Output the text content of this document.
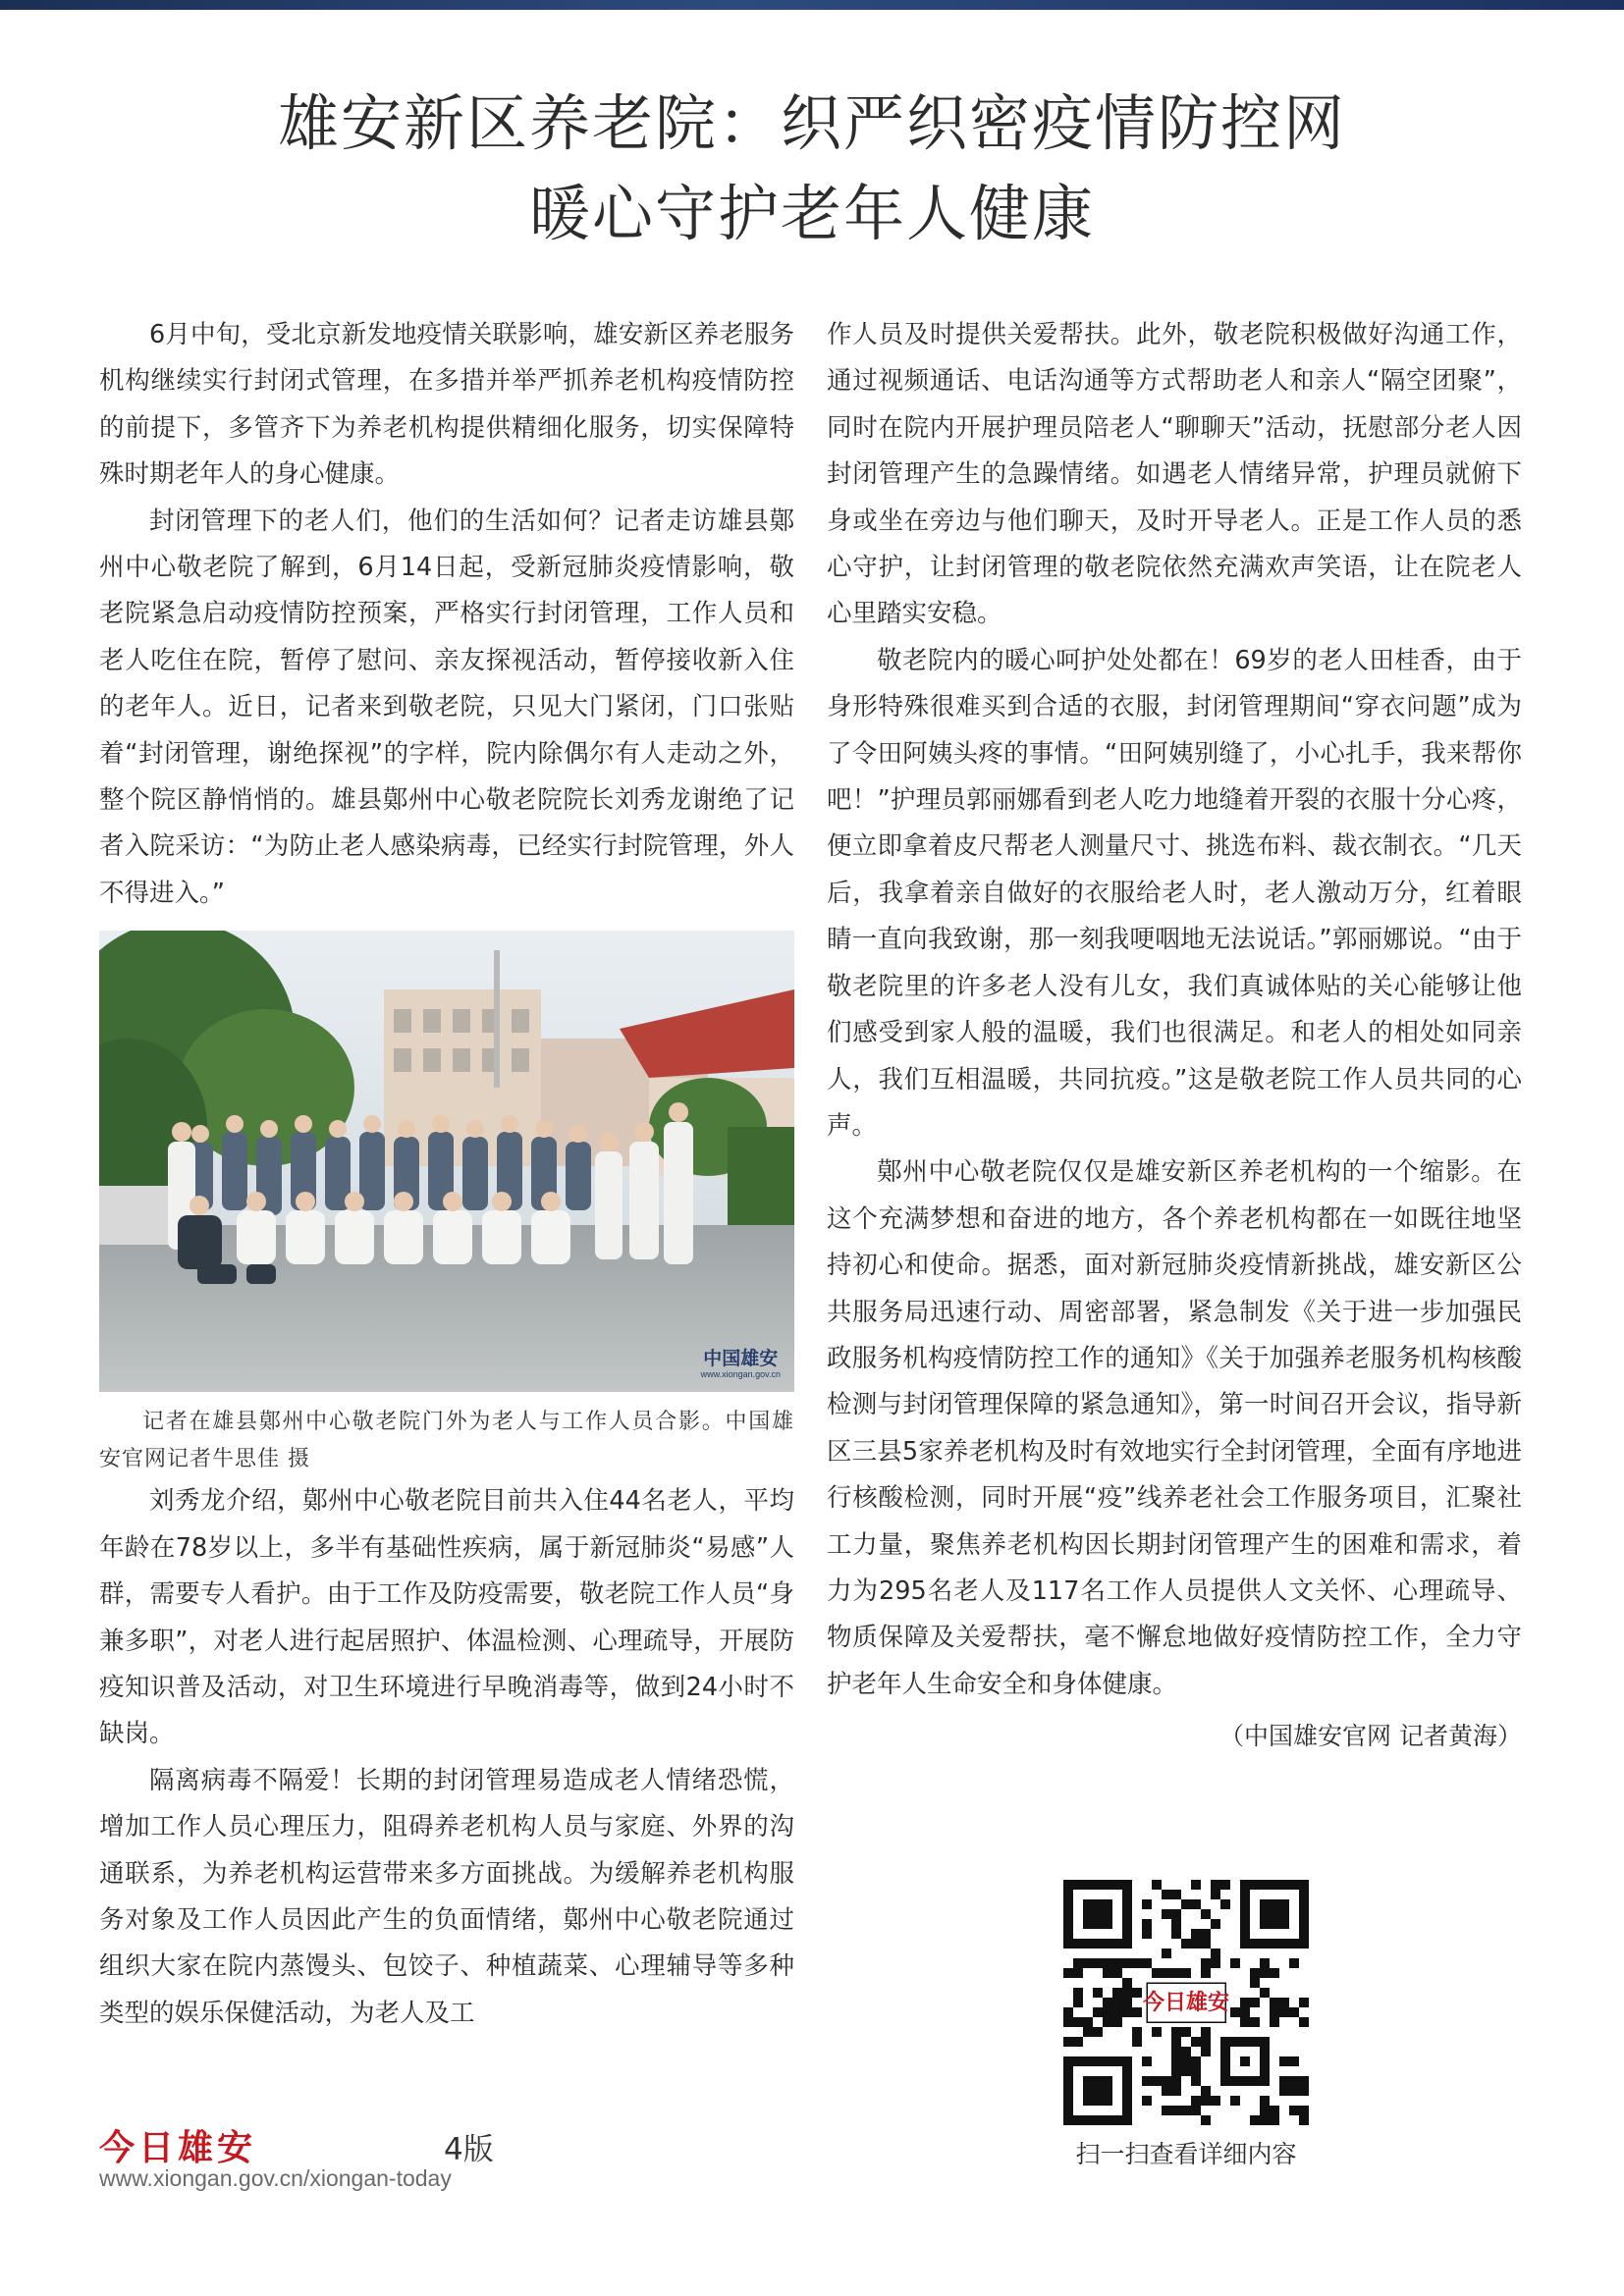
雄安新区养老院：织严织密疫情防控网
暖心守护老年人健康

6月中旬，受北京新发地疫情关联影响，雄安新区养老服务机构继续实行封闭式管理，在多措并举严抓养老机构疫情防控的前提下，多管齐下为养老机构提供精细化服务，切实保障特殊时期老年人的身心健康。

封闭管理下的老人们，他们的生活如何？记者走访雄县鄚州中心敬老院了解到，6月14日起，受新冠肺炎疫情影响，敬老院紧急启动疫情防控预案，严格实行封闭管理，工作人员和老人吃住在院，暂停了慰问、亲友探视活动，暂停接收新入住的老年人。近日，记者来到敬老院，只见大门紧闭，门口张贴着“封闭管理，谢绝探视”的字样，院内除偶尔有人走动之外，整个院区静悄悄的。雄县鄚州中心敬老院院长刘秀龙谢绝了记者入院采访：“为防止老人感染病毒，已经实行封院管理，外人不得进入。”

中国雄安
www.xiongan.gov.cn

记者在雄县鄚州中心敬老院门外为老人与工作人员合影。中国雄安官网记者牛思佳 摄

刘秀龙介绍，鄚州中心敬老院目前共入住44名老人，平均年龄在78岁以上，多半有基础性疾病，属于新冠肺炎“易感”人群，需要专人看护。由于工作及防疫需要，敬老院工作人员“身兼多职”，对老人进行起居照护、体温检测、心理疏导，开展防疫知识普及活动，对卫生环境进行早晚消毒等，做到24小时不缺岗。

隔离病毒不隔爱！长期的封闭管理易造成老人情绪恐慌，增加工作人员心理压力，阻碍养老机构人员与家庭、外界的沟通联系，为养老机构运营带来多方面挑战。为缓解养老机构服务对象及工作人员因此产生的负面情绪，鄚州中心敬老院通过组织大家在院内蒸馒头、包饺子、种植蔬菜、心理辅导等多种类型的娱乐保健活动，为老人及工

作人员及时提供关爱帮扶。此外，敬老院积极做好沟通工作，通过视频通话、电话沟通等方式帮助老人和亲人“隔空团聚”，同时在院内开展护理员陪老人“聊聊天”活动，抚慰部分老人因封闭管理产生的急躁情绪。如遇老人情绪异常，护理员就俯下身或坐在旁边与他们聊天，及时开导老人。正是工作人员的悉心守护，让封闭管理的敬老院依然充满欢声笑语，让在院老人心里踏实安稳。

敬老院内的暖心呵护处处都在！69岁的老人田桂香，由于身形特殊很难买到合适的衣服，封闭管理期间“穿衣问题”成为了令田阿姨头疼的事情。“田阿姨别缝了，小心扎手，我来帮你吧！”护理员郭丽娜看到老人吃力地缝着开裂的衣服十分心疼，便立即拿着皮尺帮老人测量尺寸、挑选布料、裁衣制衣。“几天后，我拿着亲自做好的衣服给老人时，老人激动万分，红着眼睛一直向我致谢，那一刻我哽咽地无法说话。”郭丽娜说。“由于敬老院里的许多老人没有儿女，我们真诚体贴的关心能够让他们感受到家人般的温暖，我们也很满足。和老人的相处如同亲人，我们互相温暖，共同抗疫。”这是敬老院工作人员共同的心声。

鄚州中心敬老院仅仅是雄安新区养老机构的一个缩影。在这个充满梦想和奋进的地方，各个养老机构都在一如既往地坚持初心和使命。据悉，面对新冠肺炎疫情新挑战，雄安新区公共服务局迅速行动、周密部署，紧急制发《关于进一步加强民政服务机构疫情防控工作的通知》《关于加强养老服务机构核酸检测与封闭管理保障的紧急通知》，第一时间召开会议，指导新区三县5家养老机构及时有效地实行全封闭管理，全面有序地进行核酸检测，同时开展“疫”线养老社会工作服务项目，汇聚社工力量，聚焦养老机构因长期封闭管理产生的困难和需求，着力为295名老人及117名工作人员提供人文关怀、心理疏导、物质保障及关爱帮扶，毫不懈怠地做好疫情防控工作，全力守护老年人生命安全和身体健康。

（中国雄安官网 记者黄海）
今日雄安
扫一扫查看详细内容
今日雄安	4版
www.xiongan.gov.cn/xiongan-today
